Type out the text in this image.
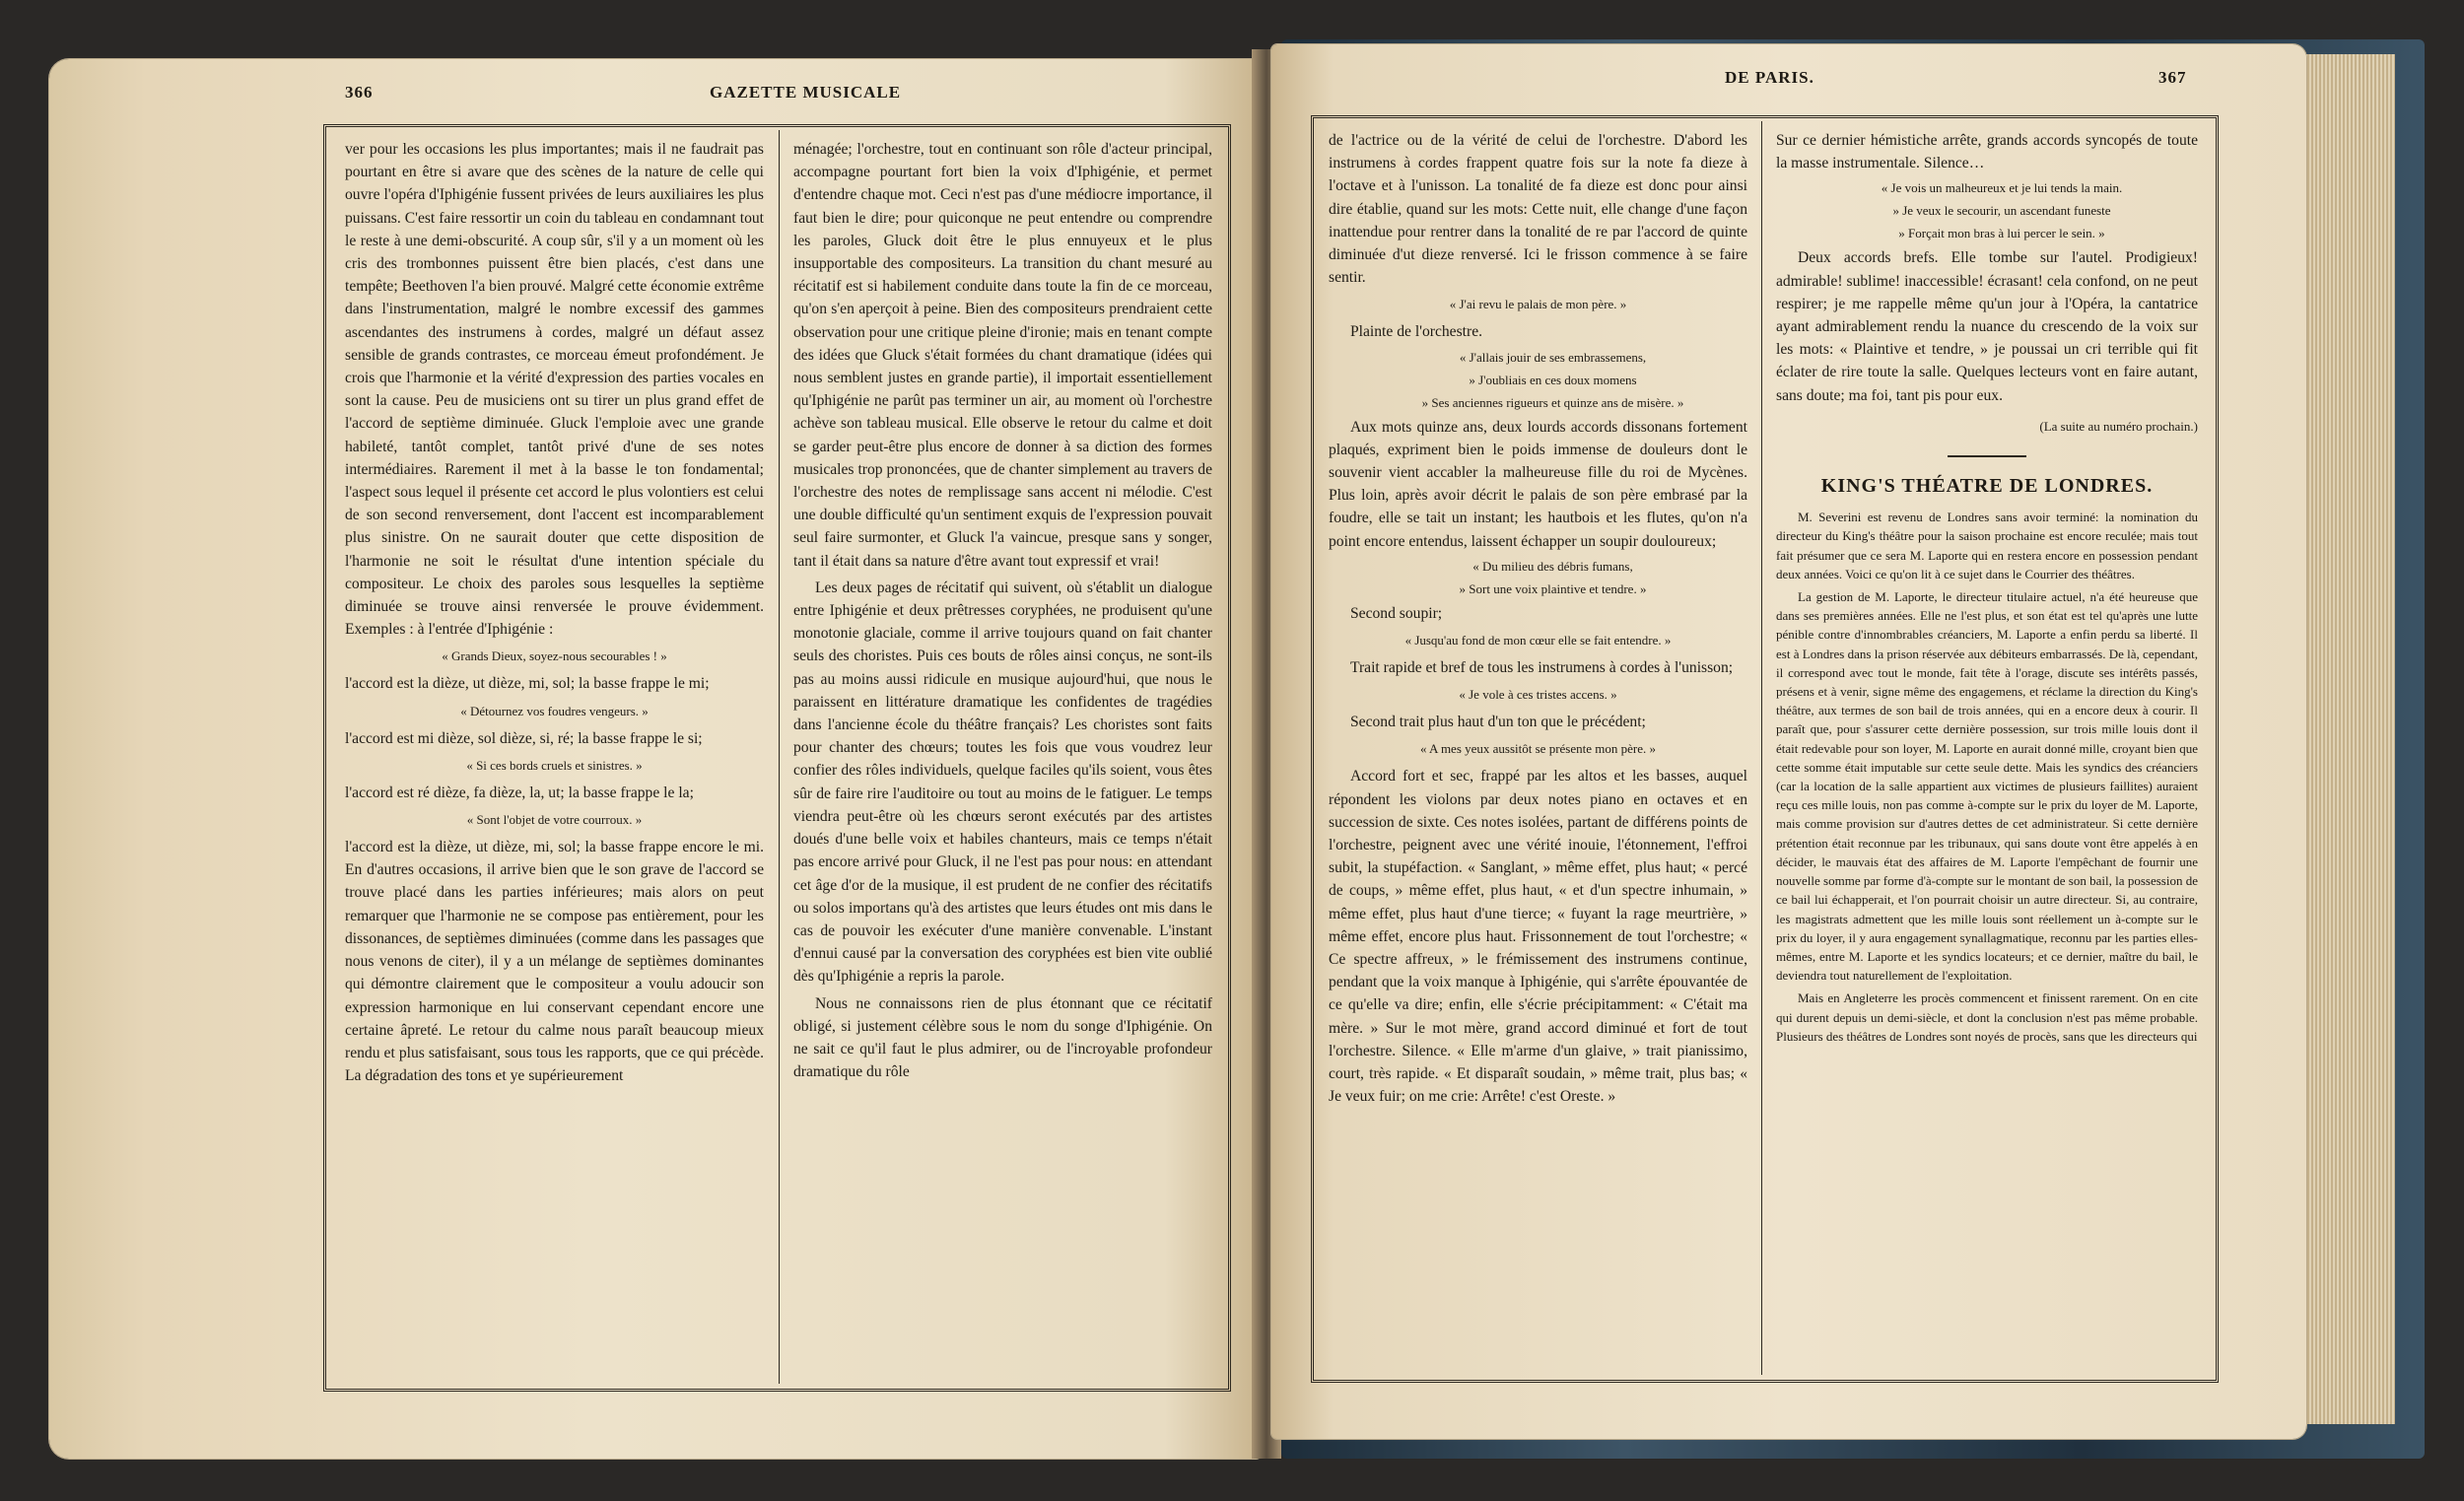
366	GAZETTE MUSICALE

ver pour les occasions les plus importantes; mais il ne faudrait pas pourtant en être si avare que des scènes de la nature de celle qui ouvre l'opéra d'Iphigénie fussent privées de leurs auxiliaires les plus puissans. C'est faire ressortir un coin du tableau en condamnant tout le reste à une demi-obscurité. A coup sûr, s'il y a un moment où les cris des trombonnes puissent être bien placés, c'est dans une tempête; Beethoven l'a bien prouvé. Malgré cette économie extrême dans l'instrumentation, malgré le nombre excessif des gammes ascendantes des instrumens à cordes, malgré un défaut assez sensible de grands contrastes, ce morceau émeut profondément. Je crois que l'harmonie et la vérité d'expression des parties vocales en sont la cause. Peu de musiciens ont su tirer un plus grand effet de l'accord de septième diminuée. Gluck l'emploie avec une grande habileté, tantôt complet, tantôt privé d'une de ses notes intermédiaires. Rarement il met à la basse le ton fondamental; l'aspect sous lequel il présente cet accord le plus volontiers est celui de son second renversement, dont l'accent est incomparablement plus sinistre. On ne saurait douter que cette disposition de l'harmonie ne soit le résultat d'une intention spéciale du compositeur. Le choix des paroles sous lesquelles la septième diminuée se trouve ainsi renversée le prouve évidemment. Exemples : à l'entrée d'Iphigénie :

« Grands Dieux, soyez-nous secourables ! »

l'accord est la dièze, ut dièze, mi, sol; la basse frappe le mi;

« Détournez vos foudres vengeurs. »

l'accord est mi dièze, sol dièze, si, ré; la basse frappe le si;

« Si ces bords cruels et sinistres. »

l'accord est ré dièze, fa dièze, la, ut; la basse frappe le la;

« Sont l'objet de votre courroux. »

l'accord est la dièze, ut dièze, mi, sol; la basse frappe encore le mi. En d'autres occasions, il arrive bien que le son grave de l'accord se trouve placé dans les parties inférieures; mais alors on peut remarquer que l'harmonie ne se compose pas entièrement, pour les dissonances, de septièmes diminuées (comme dans les passages que nous venons de citer), il y a un mélange de septièmes dominantes qui démontre clairement que le compositeur a voulu adoucir son expression harmonique en lui conservant cependant encore une certaine âpreté. Le retour du calme nous paraît beaucoup mieux rendu et plus satisfaisant, sous tous les rapports, que ce qui précède. La dégradation des tons et ye supérieurement

ménagée; l'orchestre, tout en continuant son rôle d'acteur principal, accompagne pourtant fort bien la voix d'Iphigénie, et permet d'entendre chaque mot. Ceci n'est pas d'une médiocre importance, il faut bien le dire; pour quiconque ne peut entendre ou comprendre les paroles, Gluck doit être le plus ennuyeux et le plus insupportable des compositeurs. La transition du chant mesuré au récitatif est si habilement conduite dans toute la fin de ce morceau, qu'on s'en aperçoit à peine. Bien des compositeurs prendraient cette observation pour une critique pleine d'ironie; mais en tenant compte des idées que Gluck s'était formées du chant dramatique (idées qui nous semblent justes en grande partie), il importait essentiellement qu'Iphigénie ne parût pas terminer un air, au moment où l'orchestre achève son tableau musical. Elle observe le retour du calme et doit se garder peut-être plus encore de donner à sa diction des formes musicales trop prononcées, que de chanter simplement au travers de l'orchestre des notes de remplissage sans accent ni mélodie. C'est une double difficulté qu'un sentiment exquis de l'expression pouvait seul faire surmonter, et Gluck l'a vaincue, presque sans y songer, tant il était dans sa nature d'être avant tout expressif et vrai!

Les deux pages de récitatif qui suivent, où s'établit un dialogue entre Iphigénie et deux prêtresses coryphées, ne produisent qu'une monotonie glaciale, comme il arrive toujours quand on fait chanter seuls des choristes. Puis ces bouts de rôles ainsi conçus, ne sont-ils pas au moins aussi ridicule en musique aujourd'hui, que nous le paraissent en littérature dramatique les confidentes de tragédies dans l'ancienne école du théâtre français? Les choristes sont faits pour chanter des chœurs; toutes les fois que vous voudrez leur confier des rôles individuels, quelque faciles qu'ils soient, vous êtes sûr de faire rire l'auditoire ou tout au moins de le fatiguer. Le temps viendra peut-être où les chœurs seront exécutés par des artistes doués d'une belle voix et habiles chanteurs, mais ce temps n'était pas encore arrivé pour Gluck, il ne l'est pas pour nous: en attendant cet âge d'or de la musique, il est prudent de ne confier des récitatifs ou solos importans qu'à des artistes que leurs études ont mis dans le cas de pouvoir les exécuter d'une manière convenable. L'instant d'ennui causé par la conversation des coryphées est bien vite oublié dès qu'Iphigénie a repris la parole.

Nous ne connaissons rien de plus étonnant que ce récitatif obligé, si justement célèbre sous le nom du songe d'Iphigénie. On ne sait ce qu'il faut le plus admirer, ou de l'incroyable profondeur dramatique du rôle

DE PARIS.	367

de l'actrice ou de la vérité de celui de l'orchestre. D'abord les instrumens à cordes frappent quatre fois sur la note fa dieze à l'octave et à l'unisson. La tonalité de fa dieze est donc pour ainsi dire établie, quand sur les mots: Cette nuit, elle change d'une façon inattendue pour rentrer dans la tonalité de re par l'accord de quinte diminuée d'ut dieze renversé. Ici le frisson commence à se faire sentir.

« J'ai revu le palais de mon père. »

Plainte de l'orchestre.

« J'allais jouir de ses embrassemens,
» J'oubliais en ces doux momens
» Ses anciennes rigueurs et quinze ans de misère. »

Aux mots quinze ans, deux lourds accords dissonans fortement plaqués, expriment bien le poids immense de douleurs dont le souvenir vient accabler la malheureuse fille du roi de Mycènes. Plus loin, après avoir décrit le palais de son père embrasé par la foudre, elle se tait un instant; les hautbois et les flutes, qu'on n'a point encore entendus, laissent échapper un soupir douloureux;

« Du milieu des débris fumans,
» Sort une voix plaintive et tendre. »

Second soupir;

« Jusqu'au fond de mon cœur elle se fait entendre. »

Trait rapide et bref de tous les instrumens à cordes à l'unisson;

« Je vole à ces tristes accens. »

Second trait plus haut d'un ton que le précédent;

« A mes yeux aussitôt se présente mon père. »

Accord fort et sec, frappé par les altos et les basses, auquel répondent les violons par deux notes piano en octaves et en succession de sixte. Ces notes isolées, partant de différens points de l'orchestre, peignent avec une vérité inouie, l'étonnement, l'effroi subit, la stupéfaction. « Sanglant, » même effet, plus haut; « percé de coups, » même effet, plus haut, « et d'un spectre inhumain, » même effet, plus haut d'une tierce; « fuyant la rage meurtrière, » même effet, encore plus haut. Frissonnement de tout l'orchestre; « Ce spectre affreux, » le frémissement des instrumens continue, pendant que la voix manque à Iphigénie, qui s'arrête épouvantée de ce qu'elle va dire; enfin, elle s'écrie précipitamment: « C'était ma mère. » Sur le mot mère, grand accord diminué et fort de tout l'orchestre. Silence. « Elle m'arme d'un glaive, » trait pianissimo, court, très rapide. « Et disparaît soudain, » même trait, plus bas; « Je veux fuir; on me crie: Arrête! c'est Oreste. »

Sur ce dernier hémistiche arrête, grands accords syncopés de toute la masse instrumentale. Silence…

« Je vois un malheureux et je lui tends la main.
» Je veux le secourir, un ascendant funeste
» Forçait mon bras à lui percer le sein. »

Deux accords brefs. Elle tombe sur l'autel. Prodigieux! admirable! sublime! inaccessible! écrasant! cela confond, on ne peut respirer; je me rappelle même qu'un jour à l'Opéra, la cantatrice ayant admirablement rendu la nuance du crescendo de la voix sur les mots: « Plaintive et tendre, » je poussai un cri terrible qui fit éclater de rire toute la salle. Quelques lecteurs vont en faire autant, sans doute; ma foi, tant pis pour eux.

(La suite au numéro prochain.)
KING'S THÉATRE DE LONDRES.

M. Severini est revenu de Londres sans avoir terminé: la nomination du directeur du King's théâtre pour la saison prochaine est encore reculée; mais tout fait présumer que ce sera M. Laporte qui en restera encore en possession pendant deux années. Voici ce qu'on lit à ce sujet dans le Courrier des théâtres.

La gestion de M. Laporte, le directeur titulaire actuel, n'a été heureuse que dans ses premières années. Elle ne l'est plus, et son état est tel qu'après une lutte pénible contre d'innombrables créanciers, M. Laporte a enfin perdu sa liberté. Il est à Londres dans la prison réservée aux débiteurs embarrassés. De là, cependant, il correspond avec tout le monde, fait tête à l'orage, discute ses intérêts passés, présens et à venir, signe même des engagemens, et réclame la direction du King's théâtre, aux termes de son bail de trois années, qui en a encore deux à courir. Il paraît que, pour s'assurer cette dernière possession, sur trois mille louis dont il était redevable pour son loyer, M. Laporte en aurait donné mille, croyant bien que cette somme était imputable sur cette seule dette. Mais les syndics des créanciers (car la location de la salle appartient aux victimes de plusieurs faillites) auraient reçu ces mille louis, non pas comme à-compte sur le prix du loyer de M. Laporte, mais comme provision sur d'autres dettes de cet administrateur. Si cette dernière prétention était reconnue par les tribunaux, qui sans doute vont être appelés à en décider, le mauvais état des affaires de M. Laporte l'empêchant de fournir une nouvelle somme par forme d'à-compte sur le montant de son bail, la possession de ce bail lui échapperait, et l'on pourrait choisir un autre directeur. Si, au contraire, les magistrats admettent que les mille louis sont réellement un à-compte sur le prix du loyer, il y aura engagement synallagmatique, reconnu par les parties elles-mêmes, entre M. Laporte et les syndics locateurs; et ce dernier, maître du bail, le deviendra tout naturellement de l'exploitation.

Mais en Angleterre les procès commencent et finissent rarement. On en cite qui durent depuis un demi-siècle, et dont la conclusion n'est pas même probable. Plusieurs des théâtres de Londres sont noyés de procès, sans que les directeurs qui
